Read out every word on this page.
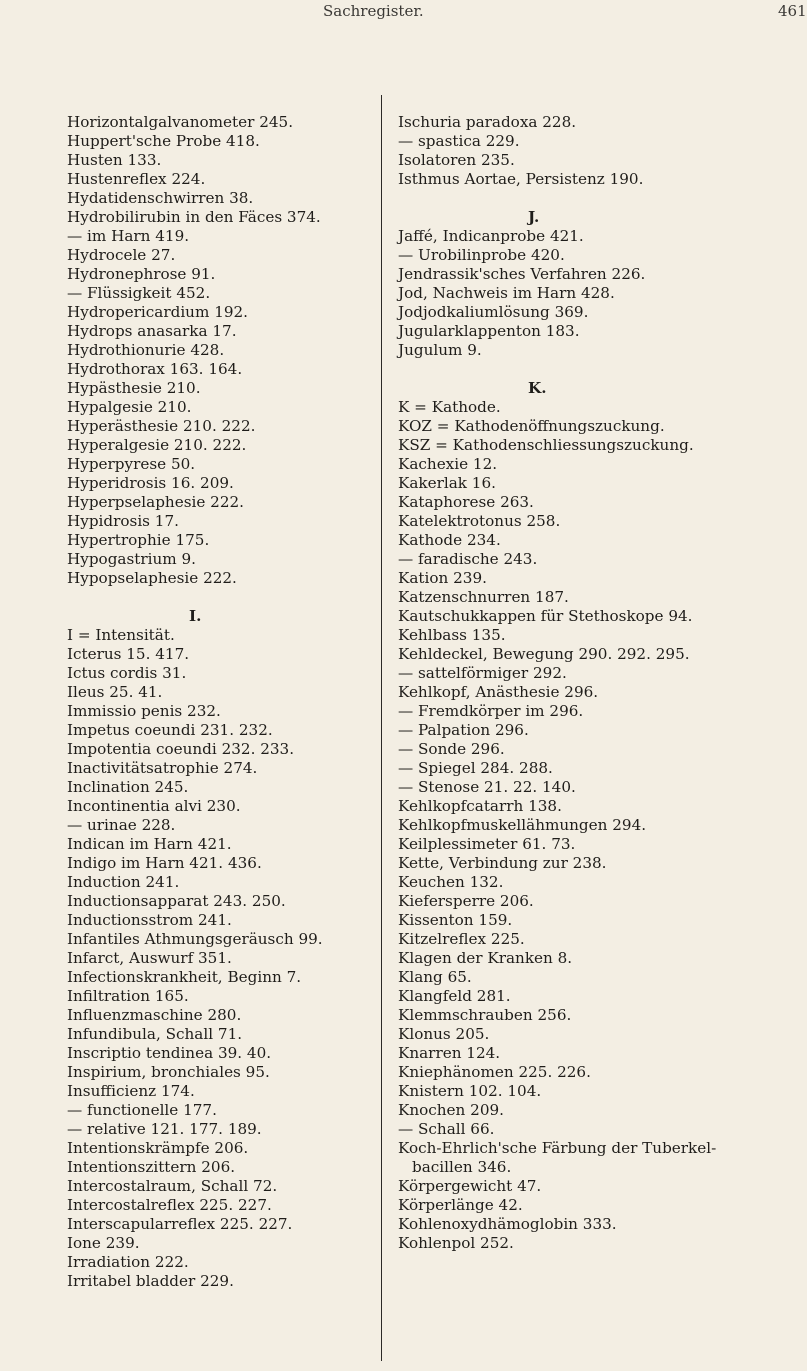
Sachregister.	461
Horizontalgalvanometer 245.
Huppert'sche Probe 418.
Husten 133.
Hustenreflex 224.
Hydatidenschwirren 38.
Hydrobilirubin in den Fäces 374.
— im Harn 419.
Hydrocele 27.
Hydronephrose 91.
— Flüssigkeit 452.
Hydropericardium 192.
Hydrops anasarka 17.
Hydrothionurie 428.
Hydrothorax 163. 164.
Hypästhesie 210.
Hypalgesie 210.
Hyperästhesie 210. 222.
Hyperalgesie 210. 222.
Hyperpyrese 50.
Hyperidrosis 16. 209.
Hyperpselaphesie 222.
Hypidrosis 17.
Hypertrophie 175.
Hypogastrium 9.
Hypopselaphesie 222.
I.
I = Intensität.
Icterus 15. 417.
Ictus cordis 31.
Ileus 25. 41.
Immissio penis 232.
Impetus coeundi 231. 232.
Impotentia coeundi 232. 233.
Inactivitätsatrophie 274.
Inclination 245.
Incontinentia alvi 230.
— urinae 228.
Indican im Harn 421.
Indigo im Harn 421. 436.
Induction 241.
Inductionsapparat 243. 250.
Inductionsstrom 241.
Infantiles Athmungsgeräusch 99.
Infarct, Auswurf 351.
Infectionskrankheit, Beginn 7.
Infiltration 165.
Influenzmaschine 280.
Infundibula, Schall 71.
Inscriptio tendinea 39. 40.
Inspirium, bronchiales 95.
Insufficienz 174.
— functionelle 177.
— relative 121. 177. 189.
Intentionskrämpfe 206.
Intentionszittern 206.
Intercostalraum, Schall 72.
Intercostalreflex 225. 227.
Interscapularreflex 225. 227.
Ione 239.
Irradiation 222.
Irritabel bladder 229.
Ischuria paradoxa 228.
— spastica 229.
Isolatoren 235.
Isthmus Aortae, Persistenz 190.
J.
Jaffé, Indicanprobe 421.
— Urobilinprobe 420.
Jendrassik'sches Verfahren 226.
Jod, Nachweis im Harn 428.
Jodjodkaliumlösung 369.
Jugularklappenton 183.
Jugulum 9.
K.
K = Kathode.
KOZ = Kathodenöffnungszuckung.
KSZ = Kathodenschliessungszuckung.
Kachexie 12.
Kakerlak 16.
Kataphorese 263.
Katelektrotonus 258.
Kathode 234.
— faradische 243.
Kation 239.
Katzenschnurren 187.
Kautschukkappen für Stethoskope 94.
Kehlbass 135.
Kehldeckel, Bewegung 290. 292. 295.
— sattelförmiger 292.
Kehlkopf, Anästhesie 296.
— Fremdkörper im 296.
— Palpation 296.
— Sonde 296.
— Spiegel 284. 288.
— Stenose 21. 22. 140.
Kehlkopfcatarrh 138.
Kehlkopfmuskellähmungen 294.
Keilplessimeter 61. 73.
Kette, Verbindung zur 238.
Keuchen 132.
Kiefersperre 206.
Kissenton 159.
Kitzelreflex 225.
Klagen der Kranken 8.
Klang 65.
Klangfeld 281.
Klemmschrauben 256.
Klonus 205.
Knarren 124.
Kniephänomen 225. 226.
Knistern 102. 104.
Knochen 209.
— Schall 66.
Koch-Ehrlich'sche Färbung der Tuberkel-
bacillen 346.
Körpergewicht 47.
Körperlänge 42.
Kohlenoxydhämoglobin 333.
Kohlenpol 252.
